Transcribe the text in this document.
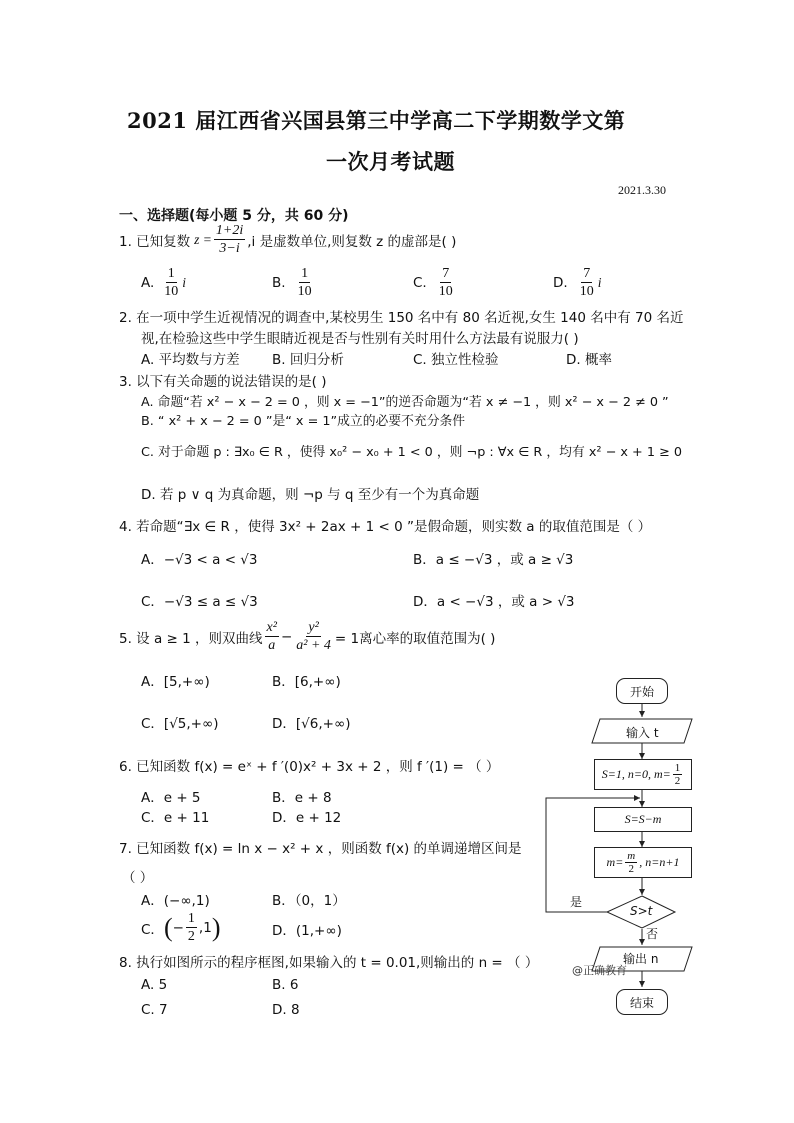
2021 届江西省兴国县第三中学高二下学期数学文第
一次月考试题
2021.3.30
一、选择题(每小题 5 分，共 60 分)
1. 已知复数 $z = \frac{1+2i}{3-i} ,i$ 是虚数单位,则复数 z 的虚部是( )
A. $\frac{1}{10}$ i	B. $\frac{1}{10}$	C. $\frac{7}{10}$	D. $\frac{7}{10}$ i
2. 在一项中学生近视情况的调查中,某校男生 150 名中有 80 名近视,女生 140 名中有 70 名近
视,在检验这些中学生眼睛近视是否与性别有关时用什么方法最有说服力( )
A. 平均数与方差 B. 回归分析	C. 独立性检验	D. 概率
3. 以下有关命题的说法错误的是( )
A. 命题“若 x² − x − 2 = 0 ，则 x = −1”的逆否命题为“若 x ≠ −1 ，则 x² − x − 2 ≠ 0 ”
B. “ x² + x − 2 = 0 ”是“ x = 1”成立的必要不充分条件
C. 对于命题 p : ∃x₀ ∈ R ，使得 x₀² − x₀ + 1 < 0 ，则 ¬p : ∀x ∈ R ，均有 x² − x + 1 ≥ 0
D. 若 p ∨ q 为真命题，则 ¬p 与 q 至少有一个为真命题
4. 若命题“∃x ∈ R ，使得 3x² + 2ax + 1 < 0 ”是假命题，则实数 a 的取值范围是（ ）
A．−√3 < a < √3	B．a ≤ −√3 ，或 a ≥ √3
C．−√3 ≤ a ≤ √3	D．a < −√3 ，或 a > √3
5. 设 a ≥ 1 ，则双曲线 $\frac{\text{x²}}{a} - \frac{\text{y²}}{\text{a² + 4}} = 1$离心率的取值范围为( )
A．[5,+∞)	B．[6,+∞)
C．[√5,+∞)	D．[√6,+∞)
6. 已知函数 f(x) = eˣ + f ′(0)x² + 3x + 2 ，则 f ′(1) = （ ）
A．e + 5	B．e + 8
C．e + 11	D．e + 12
7. 已知函数 f(x) = ln x − x² + x ，则函数 f(x) 的单调递增区间是
（ ）
A．(−∞,1)	B．（0，1）
C． ( − $\frac{1}{2} ,1$ )	D．(1,+∞)
8. 执行如图所示的程序框图,如果输入的 t = 0.01,则输出的 n = （ ）
A. 5	B. 6
C. 7	D. 8
开始
输入 t
S=1, n=0, $m= \frac{1}{2}$
S=S−m
$m= \frac{m}{2}$ , n=n+1
S>t
是
否
输出 n
@正确教育
结束
